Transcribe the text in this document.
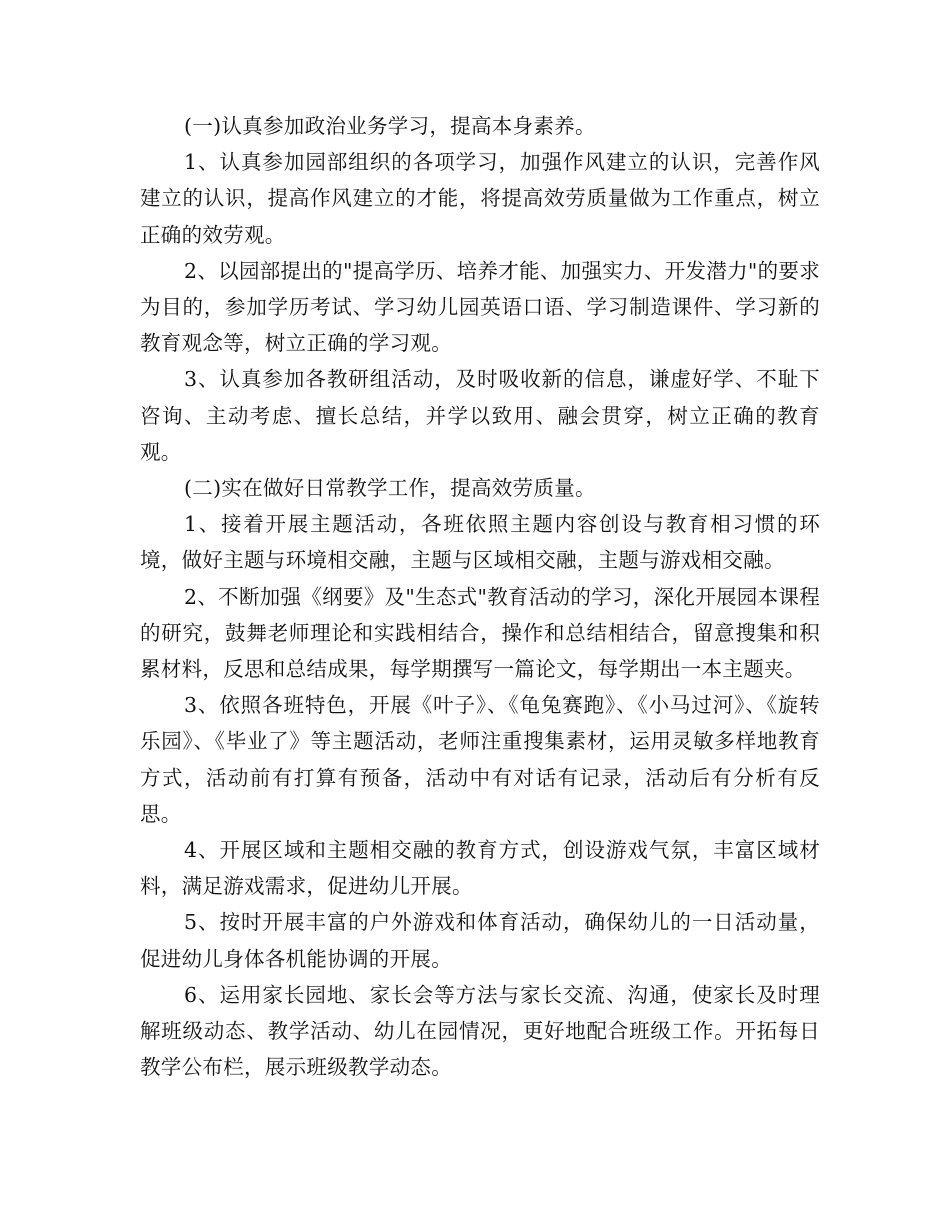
(一)认真参加政治业务学习，提高本身素养。

1、认真参加园部组织的各项学习，加强作风建立的认识，完善作风建立的认识，提高作风建立的才能，将提高效劳质量做为工作重点，树立正确的效劳观。

2、以园部提出的"提高学历、培养才能、加强实力、开发潜力"的要求为目的，参加学历考试、学习幼儿园英语口语、学习制造课件、学习新的教育观念等，树立正确的学习观。

3、认真参加各教研组活动，及时吸收新的信息，谦虚好学、不耻下咨询、主动考虑、擅长总结，并学以致用、融会贯穿，树立正确的教育观。

(二)实在做好日常教学工作，提高效劳质量。

1、接着开展主题活动，各班依照主题内容创设与教育相习惯的环境，做好主题与环境相交融，主题与区域相交融，主题与游戏相交融。

2、不断加强《纲要》及"生态式"教育活动的学习，深化开展园本课程的研究，鼓舞老师理论和实践相结合，操作和总结相结合，留意搜集和积累材料，反思和总结成果，每学期撰写一篇论文，每学期出一本主题夹。

3、依照各班特色，开展《叶子》、《龟兔赛跑》、《小马过河》、《旋转乐园》、《毕业了》等主题活动，老师注重搜集素材，运用灵敏多样地教育方式，活动前有打算有预备，活动中有对话有记录，活动后有分析有反思。

4、开展区域和主题相交融的教育方式，创设游戏气氛，丰富区域材料，满足游戏需求，促进幼儿开展。

5、按时开展丰富的户外游戏和体育活动，确保幼儿的一日活动量，促进幼儿身体各机能协调的开展。

6、运用家长园地、家长会等方法与家长交流、沟通，使家长及时理解班级动态、教学活动、幼儿在园情况，更好地配合班级工作。开拓每日教学公布栏，展示班级教学动态。
